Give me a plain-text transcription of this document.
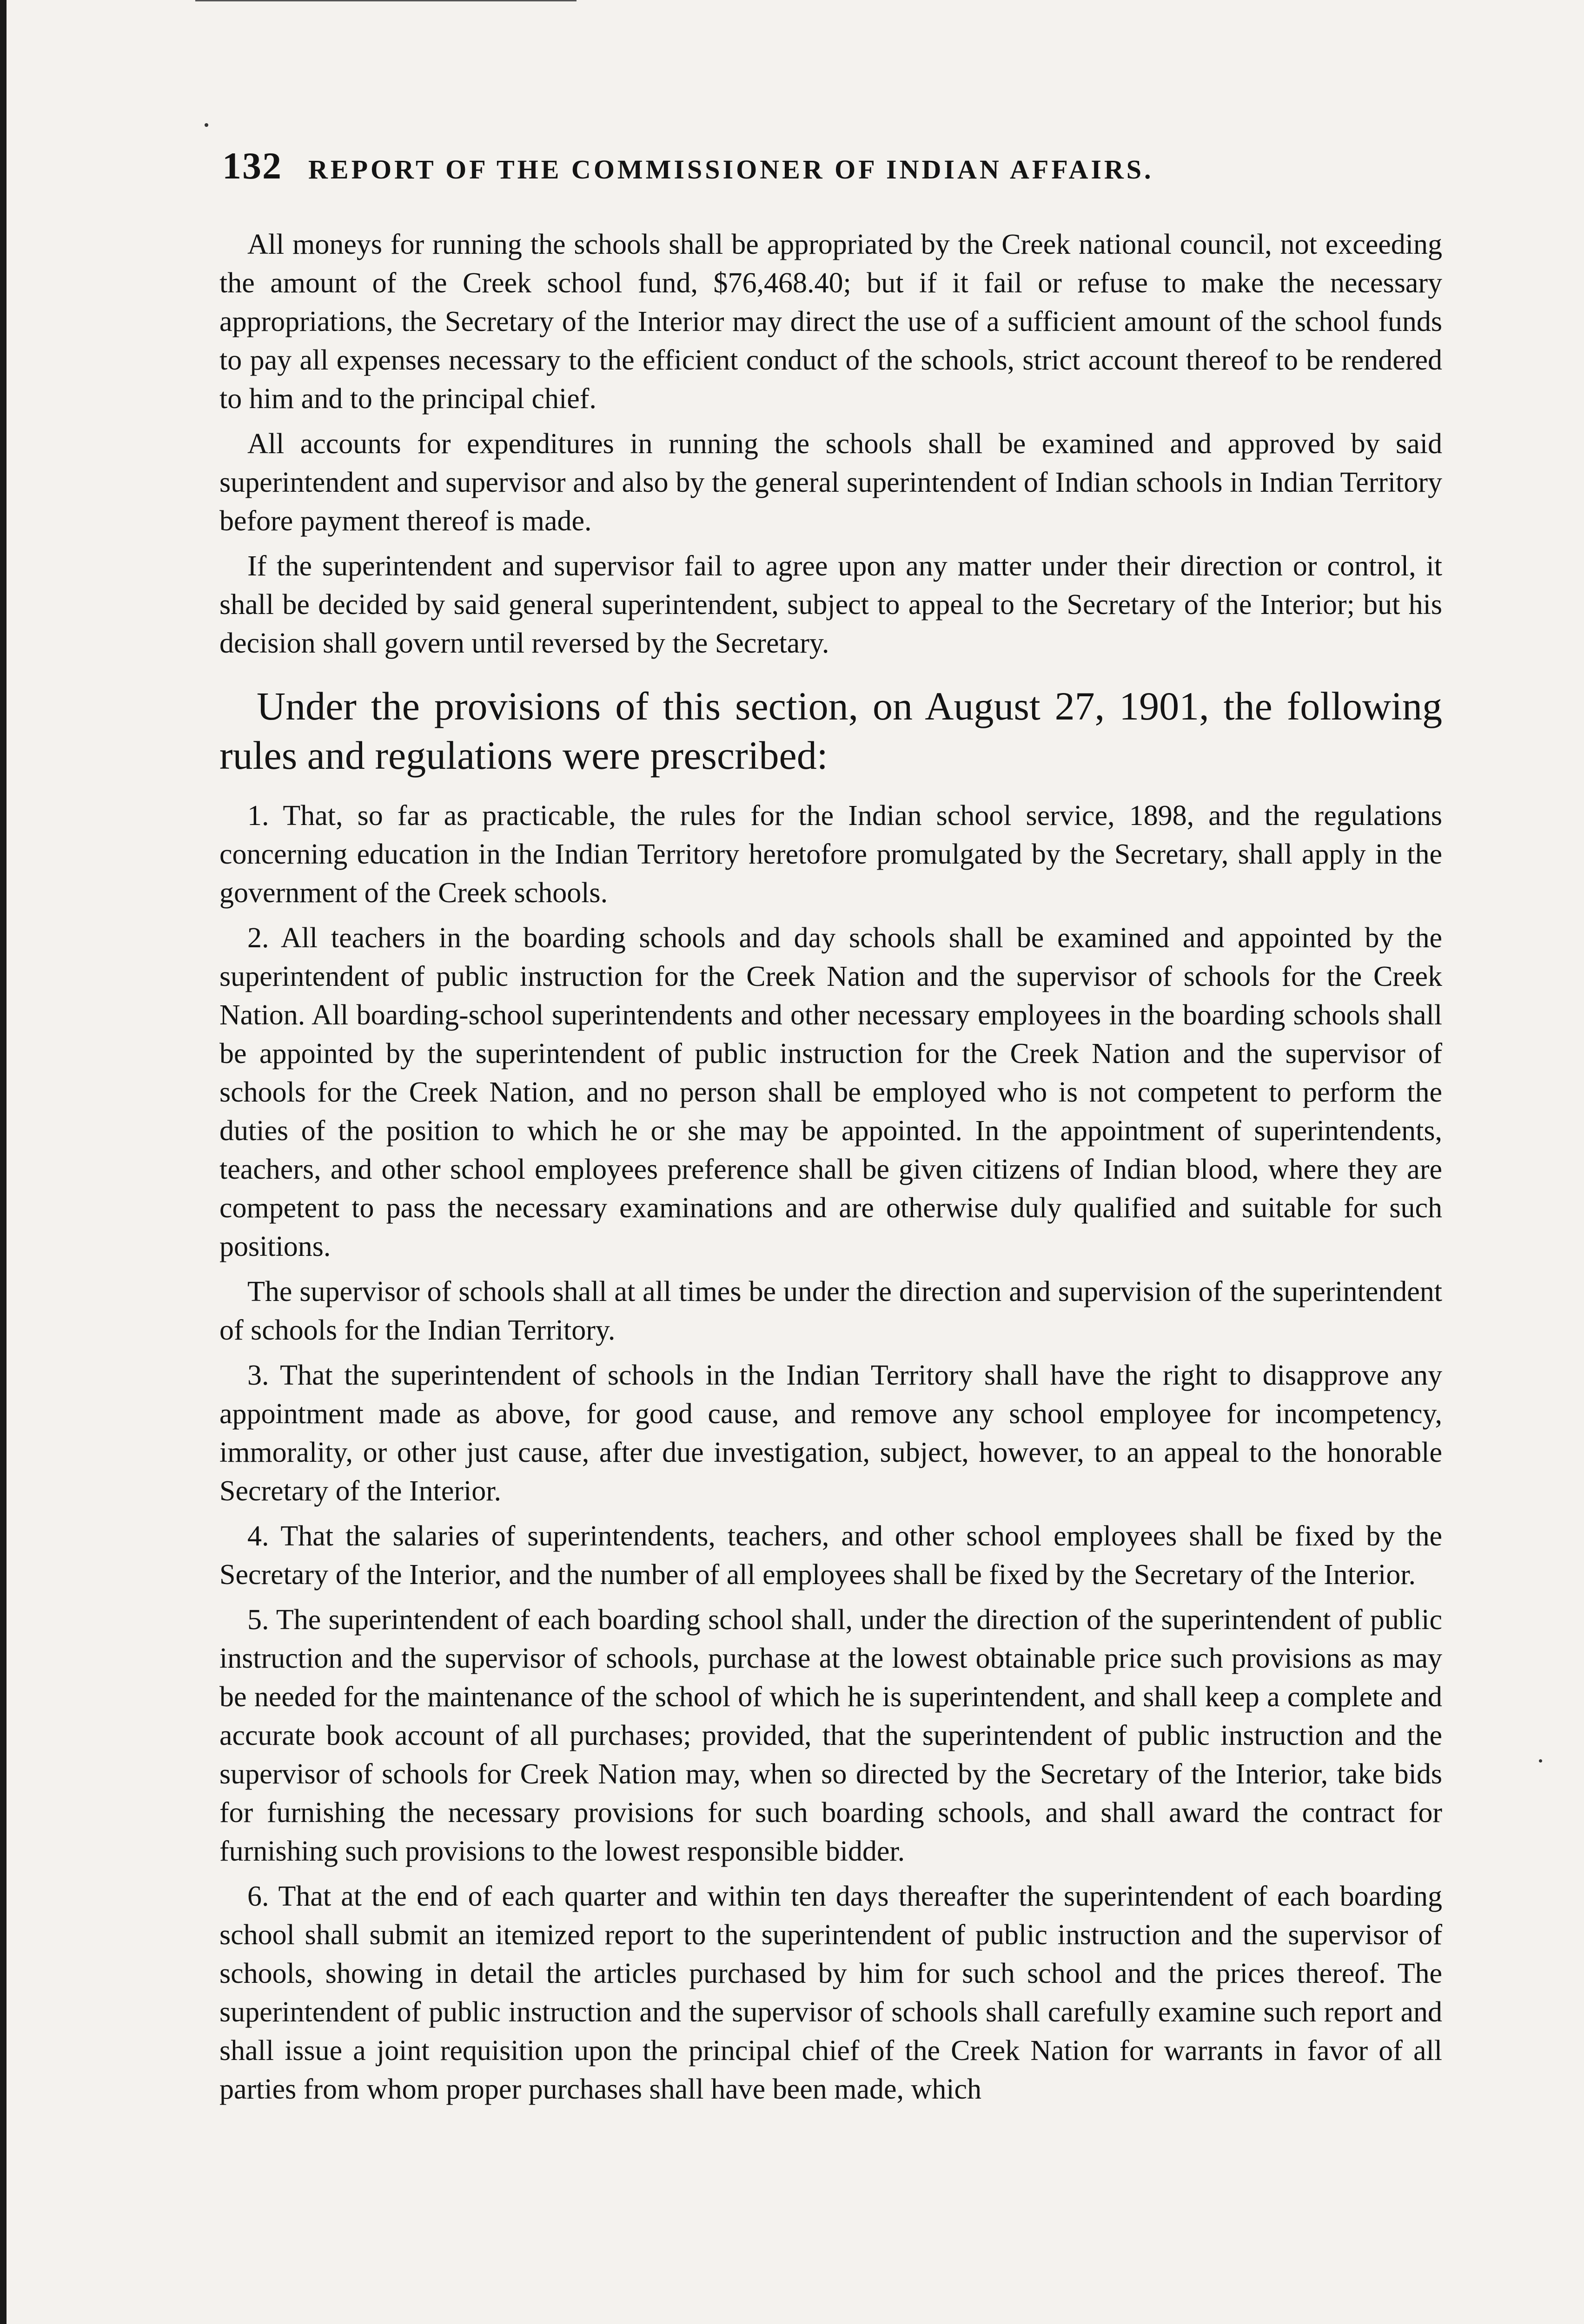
132 REPORT OF THE COMMISSIONER OF INDIAN AFFAIRS.

All moneys for running the schools shall be appropriated by the Creek national council, not exceeding the amount of the Creek school fund, $76,468.40; but if it fail or refuse to make the necessary appropriations, the Secretary of the Interior may direct the use of a sufficient amount of the school funds to pay all expenses necessary to the efficient conduct of the schools, strict account thereof to be rendered to him and to the principal chief.

All accounts for expenditures in running the schools shall be examined and approved by said superintendent and supervisor and also by the general superintendent of Indian schools in Indian Territory before payment thereof is made.

If the superintendent and supervisor fail to agree upon any matter under their direction or control, it shall be decided by said general superintendent, subject to appeal to the Secretary of the Interior; but his decision shall govern until reversed by the Secretary.

Under the provisions of this section, on August 27, 1901, the following rules and regulations were prescribed:

1. That, so far as practicable, the rules for the Indian school service, 1898, and the regulations concerning education in the Indian Territory heretofore promulgated by the Secretary, shall apply in the government of the Creek schools.

2. All teachers in the boarding schools and day schools shall be examined and appointed by the superintendent of public instruction for the Creek Nation and the supervisor of schools for the Creek Nation. All boarding-school superintendents and other necessary employees in the boarding schools shall be appointed by the superintendent of public instruction for the Creek Nation and the supervisor of schools for the Creek Nation, and no person shall be employed who is not competent to perform the duties of the position to which he or she may be appointed. In the appointment of superintendents, teachers, and other school employees preference shall be given citizens of Indian blood, where they are competent to pass the necessary examinations and are otherwise duly qualified and suitable for such positions.

The supervisor of schools shall at all times be under the direction and supervision of the superintendent of schools for the Indian Territory.

3. That the superintendent of schools in the Indian Territory shall have the right to disapprove any appointment made as above, for good cause, and remove any school employee for incompetency, immorality, or other just cause, after due investigation, subject, however, to an appeal to the honorable Secretary of the Interior.

4. That the salaries of superintendents, teachers, and other school employees shall be fixed by the Secretary of the Interior, and the number of all employees shall be fixed by the Secretary of the Interior.

5. The superintendent of each boarding school shall, under the direction of the superintendent of public instruction and the supervisor of schools, purchase at the lowest obtainable price such provisions as may be needed for the maintenance of the school of which he is superintendent, and shall keep a complete and accurate book account of all purchases; provided, that the superintendent of public instruction and the supervisor of schools for Creek Nation may, when so directed by the Secretary of the Interior, take bids for furnishing the necessary provisions for such boarding schools, and shall award the contract for furnishing such provisions to the lowest responsible bidder.

6. That at the end of each quarter and within ten days thereafter the superintendent of each boarding school shall submit an itemized report to the superintendent of public instruction and the supervisor of schools, showing in detail the articles purchased by him for such school and the prices thereof. The superintendent of public instruction and the supervisor of schools shall carefully examine such report and shall issue a joint requisition upon the principal chief of the Creek Nation for warrants in favor of all parties from whom proper purchases shall have been made, which
